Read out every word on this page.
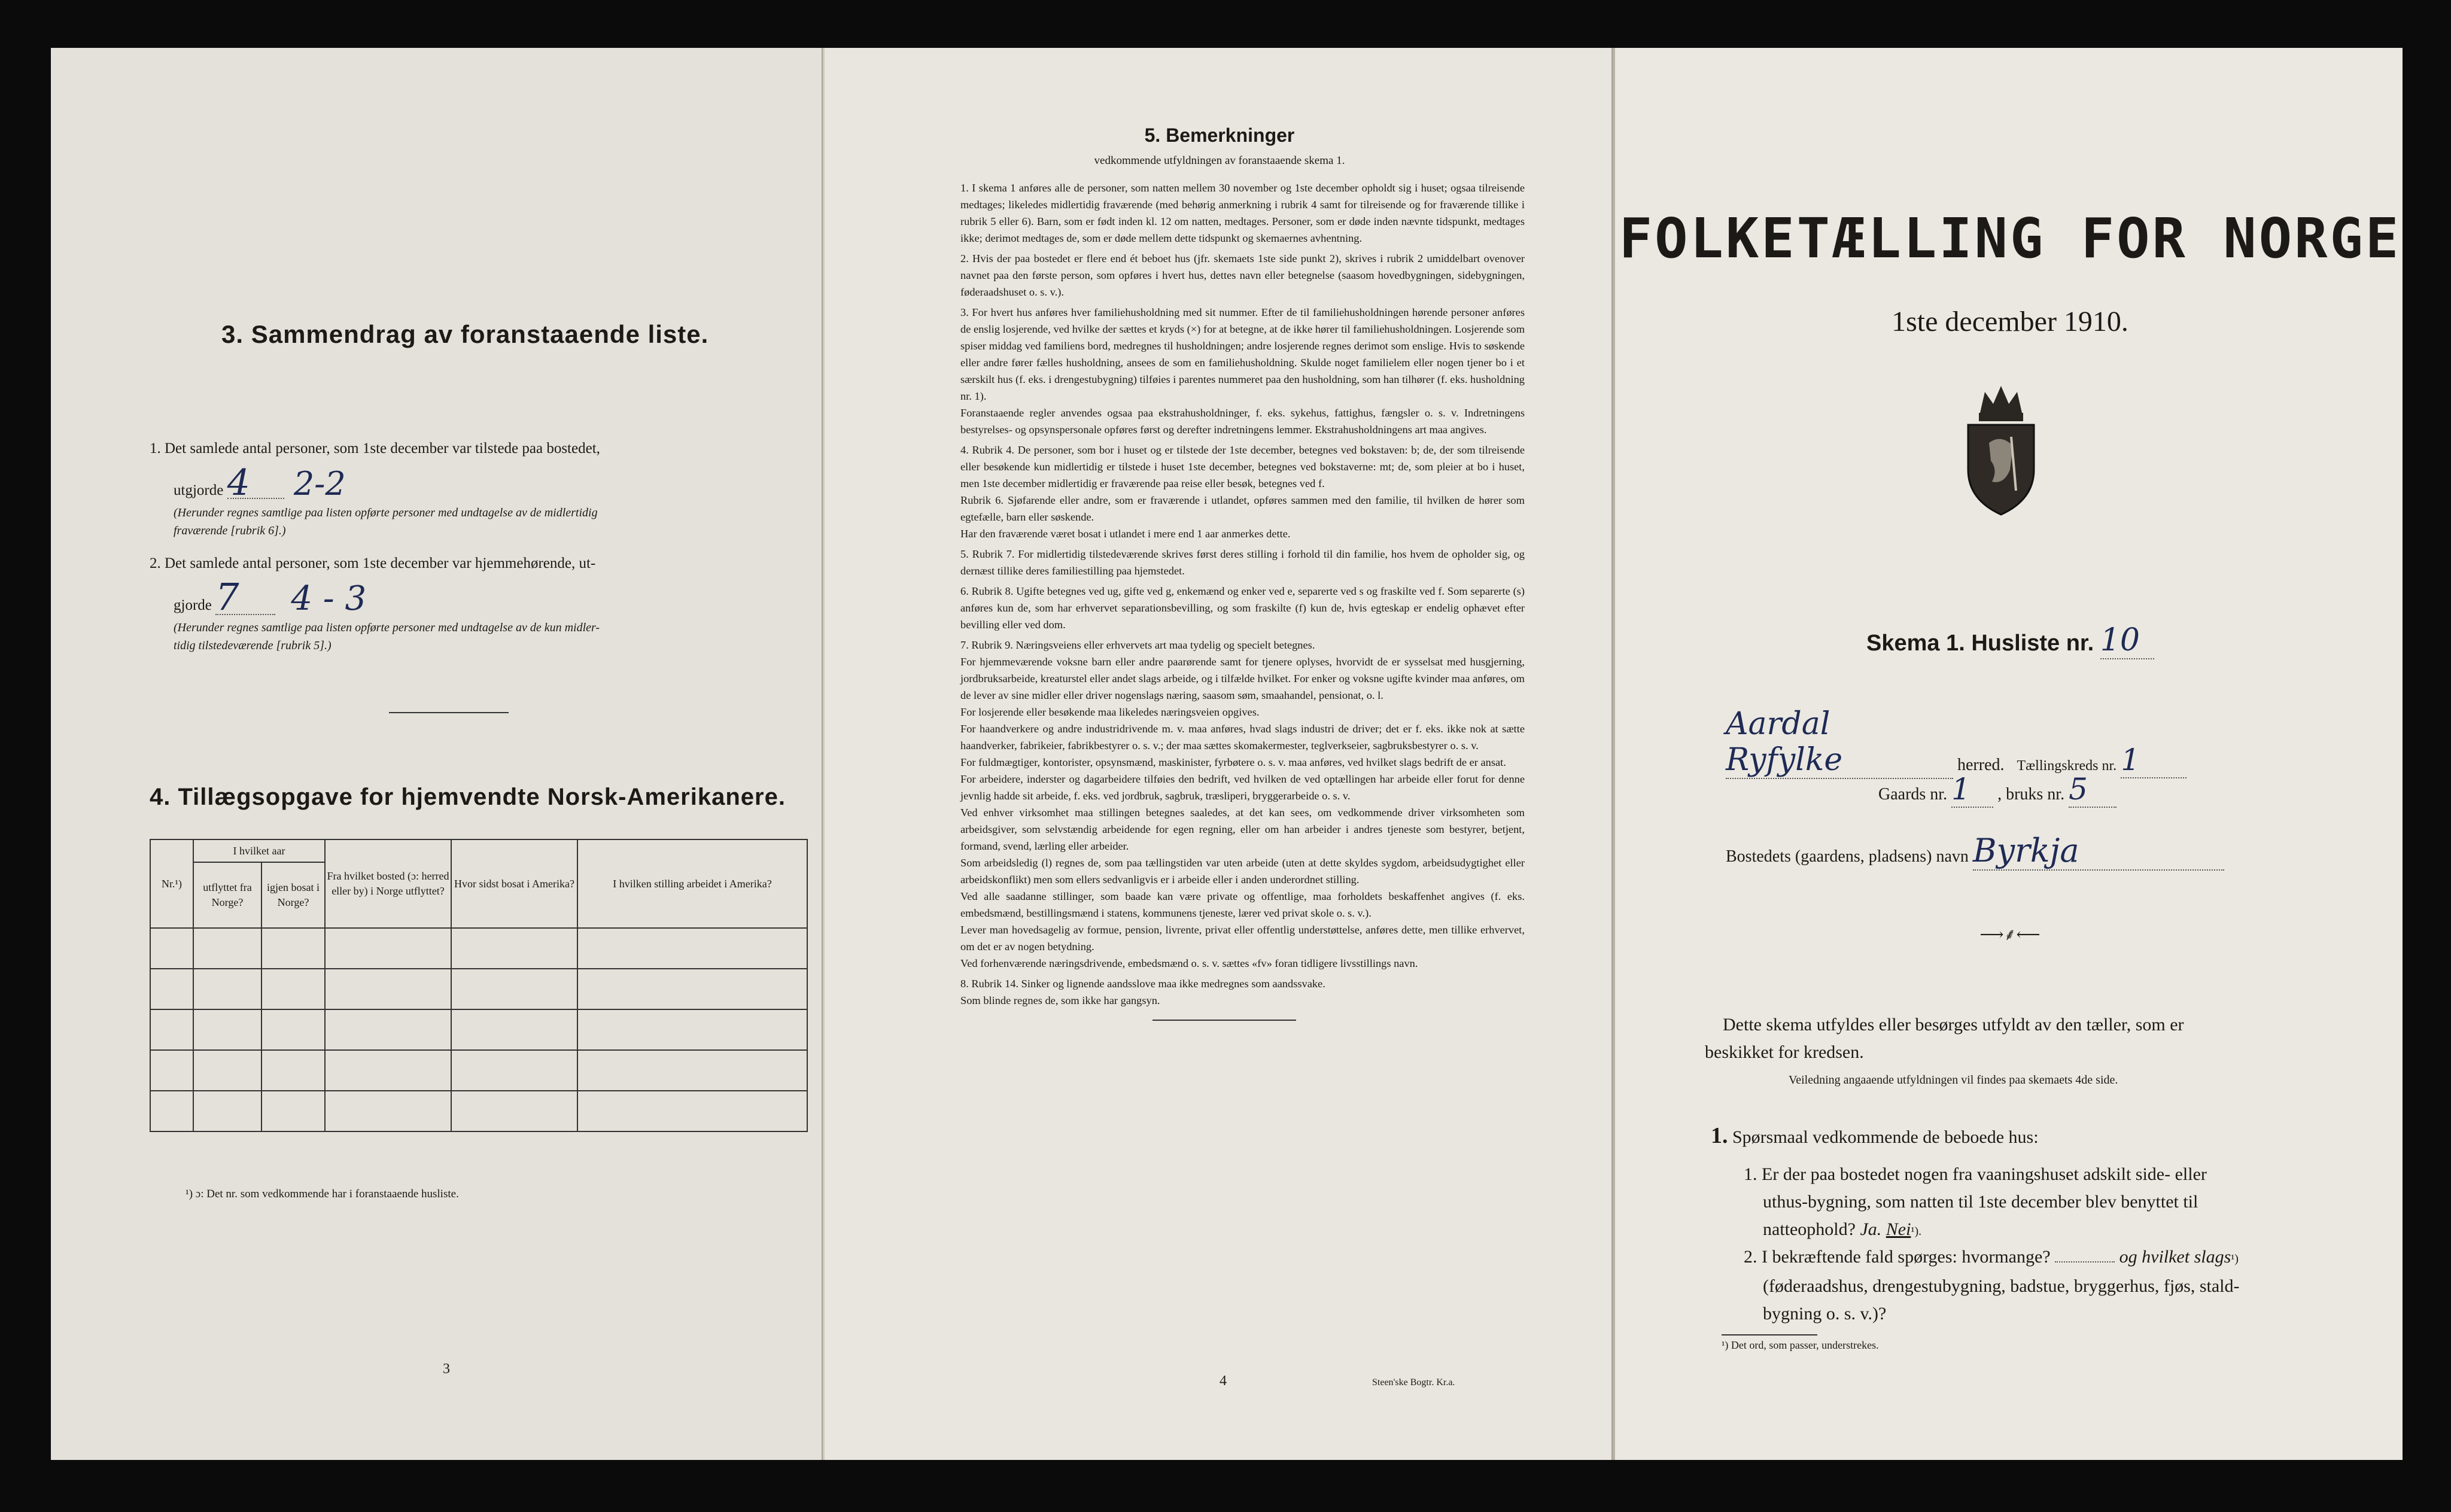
3. Sammendrag av foranstaaende liste.
1. Det samlede antal personer, som 1ste december var tilstede paa bostedet,
utgjorde 4 2-2
(Herunder regnes samtlige paa listen opførte personer med undtagelse av de midlertidig
fraværende [rubrik 6].)
2. Det samlede antal personer, som 1ste december var hjemmehørende, ut-
gjorde 7 4 - 3
(Herunder regnes samtlige paa listen opførte personer med undtagelse av de kun midler-
tidig tilstedeværende [rubrik 5].)
4. Tillægsopgave for hjemvendte Norsk-Amerikanere.
Nr.¹)	I hvilket aar		Fra hvilket bosted (ɔ: herred eller by) i Norge utflyttet?	Hvor sidst bosat i Amerika?	I hvilken stilling arbeidet i Amerika?
	utflyttet fra Norge?	igjen bosat i Norge?			

¹) ɔ: Det nr. som vedkommende har i foranstaaende husliste.
3
5. Bemerkninger
vedkommende utfyldningen av foranstaaende skema 1.

1. I skema 1 anføres alle de personer, som natten mellem 30 november og 1ste december opholdt sig i huset; ogsaa tilreisende medtages; likeledes midlertidig fraværende (med behørig anmerkning i rubrik 4 samt for tilreisende og for fraværende tillike i rubrik 5 eller 6). Barn, som er født inden kl. 12 om natten, medtages. Personer, som er døde inden nævnte tidspunkt, medtages ikke; derimot medtages de, som er døde mellem dette tidspunkt og skemaernes avhentning.

2. Hvis der paa bostedet er flere end ét beboet hus (jfr. skemaets 1ste side punkt 2), skrives i rubrik 2 umiddelbart ovenover navnet paa den første person, som opføres i hvert hus, dettes navn eller betegnelse (saasom hovedbygningen, sidebygningen, føderaadshuset o. s. v.).

3. For hvert hus anføres hver familiehusholdning med sit nummer. Efter de til familiehusholdningen hørende personer anføres de enslig losjerende, ved hvilke der sættes et kryds (×) for at betegne, at de ikke hører til familiehusholdningen. Losjerende som spiser middag ved familiens bord, medregnes til husholdningen; andre losjerende regnes derimot som enslige. Hvis to søskende eller andre fører fælles husholdning, ansees de som en familiehusholdning. Skulde noget familielem eller nogen tjener bo i et særskilt hus (f. eks. i drengestubygning) tilføies i parentes nummeret paa den husholdning, som han tilhører (f. eks. husholdning nr. 1).

Foranstaaende regler anvendes ogsaa paa ekstrahusholdninger, f. eks. sykehus, fattighus, fængsler o. s. v. Indretningens bestyrelses- og opsynspersonale opføres først og derefter indretningens lemmer. Ekstrahusholdningens art maa angives.

4. Rubrik 4. De personer, som bor i huset og er tilstede der 1ste december, betegnes ved bokstaven: b; de, der som tilreisende eller besøkende kun midlertidig er tilstede i huset 1ste december, betegnes ved bokstaverne: mt; de, som pleier at bo i huset, men 1ste december midlertidig er fraværende paa reise eller besøk, betegnes ved f.

Rubrik 6. Sjøfarende eller andre, som er fraværende i utlandet, opføres sammen med den familie, til hvilken de hører som egtefælle, barn eller søskende.

Har den fraværende været bosat i utlandet i mere end 1 aar anmerkes dette.

5. Rubrik 7. For midlertidig tilstedeværende skrives først deres stilling i forhold til din familie, hos hvem de opholder sig, og dernæst tillike deres familiestilling paa hjemstedet.

6. Rubrik 8. Ugifte betegnes ved ug, gifte ved g, enkemænd og enker ved e, separerte ved s og fraskilte ved f. Som separerte (s) anføres kun de, som har erhvervet separationsbevilling, og som fraskilte (f) kun de, hvis egteskap er endelig ophævet efter bevilling eller ved dom.

7. Rubrik 9. Næringsveiens eller erhvervets art maa tydelig og specielt betegnes.

For hjemmeværende voksne barn eller andre paarørende samt for tjenere oplyses, hvorvidt de er sysselsat med husgjerning, jordbruksarbeide, kreaturstel eller andet slags arbeide, og i tilfælde hvilket. For enker og voksne ugifte kvinder maa anføres, om de lever av sine midler eller driver nogenslags næring, saasom søm, smaahandel, pensionat, o. l.

For losjerende eller besøkende maa likeledes næringsveien opgives.

For haandverkere og andre industridrivende m. v. maa anføres, hvad slags industri de driver; det er f. eks. ikke nok at sætte haandverker, fabrikeier, fabrikbestyrer o. s. v.; der maa sættes skomakermester, teglverkseier, sagbruksbestyrer o. s. v.

For fuldmægtiger, kontorister, opsynsmænd, maskinister, fyrbøtere o. s. v. maa anføres, ved hvilket slags bedrift de er ansat.

For arbeidere, inderster og dagarbeidere tilføies den bedrift, ved hvilken de ved optællingen har arbeide eller forut for denne jevnlig hadde sit arbeide, f. eks. ved jordbruk, sagbruk, træsliperi, bryggerarbeide o. s. v.

Ved enhver virksomhet maa stillingen betegnes saaledes, at det kan sees, om vedkommende driver virksomheten som arbeidsgiver, som selvstændig arbeidende for egen regning, eller om han arbeider i andres tjeneste som bestyrer, betjent, formand, svend, lærling eller arbeider.

Som arbeidsledig (l) regnes de, som paa tællingstiden var uten arbeide (uten at dette skyldes sygdom, arbeidsudygtighet eller arbeidskonflikt) men som ellers sedvanligvis er i arbeide eller i anden underordnet stilling.

Ved alle saadanne stillinger, som baade kan være private og offentlige, maa forholdets beskaffenhet angives (f. eks. embedsmænd, bestillingsmænd i statens, kommunens tjeneste, lærer ved privat skole o. s. v.).

Lever man hovedsagelig av formue, pension, livrente, privat eller offentlig understøttelse, anføres dette, men tillike erhvervet, om det er av nogen betydning.

Ved forhenværende næringsdrivende, embedsmænd o. s. v. sættes «fv» foran tidligere livsstillings navn.

8. Rubrik 14. Sinker og lignende aandsslove maa ikke medregnes som aandssvake.

Som blinde regnes de, som ikke har gangsyn.

4	Steen'ske Bogtr. Kr.a.
FOLKETÆLLING FOR NORGE
1ste december 1910.
Skema 1. Husliste nr. 10
Aardal Ryfylke	herred. Tællingskreds nr. 1
Gaards nr. 1 , bruks nr. 5
Bostedets (gaardens, pladsens) navn Byrkja
⟶⸙⟵
Dette skema utfyldes eller besørges utfyldt av den tæller, som er
beskikket for kredsen.
Veiledning angaaende utfyldningen vil findes paa skemaets 4de side.
1. Spørsmaal vedkommende de beboede hus:
1. Er der paa bostedet nogen fra vaaningshuset adskilt side- eller
uthus-bygning, som natten til 1ste december blev benyttet til
natteophold? Ja. Nei¹).
2. I bekræftende fald spørges: hvormange?	og hvilket slags¹)
(føderaadshus, drengestubygning, badstue, bryggerhus, fjøs, stald-
bygning o. s. v.)?
¹) Det ord, som passer, understrekes.
